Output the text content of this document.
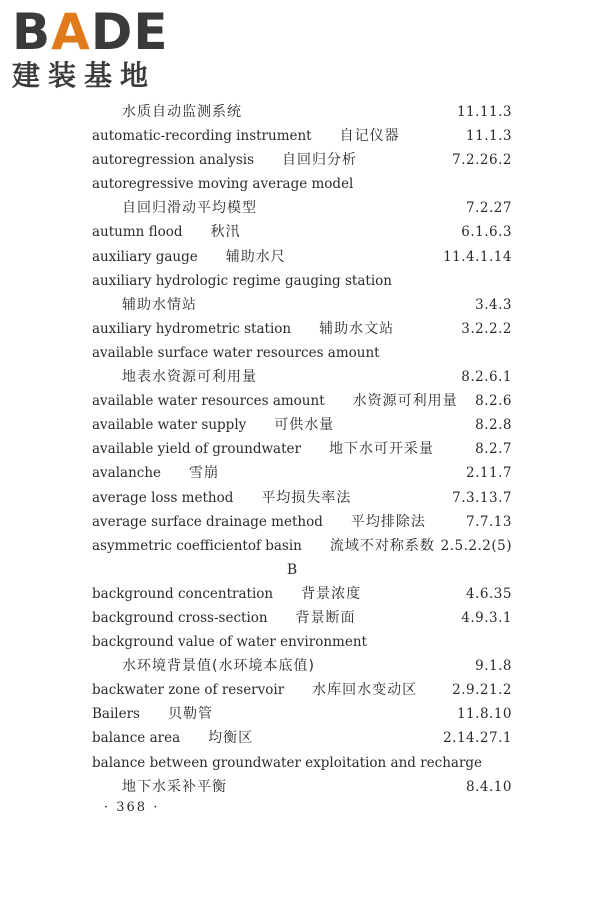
BADE
建装基地
水质自动监测系统	11.11.3
automatic-recording instrument 自记仪器	11.1.3
autoregression analysis 自回归分析	7.2.26.2
autoregressive moving average model
自回归滑动平均模型	7.2.27
autumn flood 秋汛	6.1.6.3
auxiliary gauge 辅助水尺	11.4.1.14
auxiliary hydrologic regime gauging station
辅助水情站	3.4.3
auxiliary hydrometric station 辅助水文站	3.2.2.2
available surface water resources amount
地表水资源可利用量	8.2.6.1
available water resources amount 水资源可利用量 8.2.6
available water supply 可供水量	8.2.8
available yield of groundwater 地下水可开采量	8.2.7
avalanche 雪崩	2.11.7
average loss method 平均损失率法	7.3.13.7
average surface drainage method 平均排除法	7.7.13
asymmetric coefficientof basin 流域不对称系数 2.5.2.2(5)
B
background concentration 背景浓度	4.6.35
background cross-section 背景断面	4.9.3.1
background value of water environment
水环境背景值(水环境本底值)	9.1.8
backwater zone of reservoir 水库回水变动区	2.9.21.2
Bailers 贝勒管	11.8.10
balance area 均衡区	2.14.27.1
balance between groundwater exploitation and recharge
地下水采补平衡	8.4.10
· 368 ·
